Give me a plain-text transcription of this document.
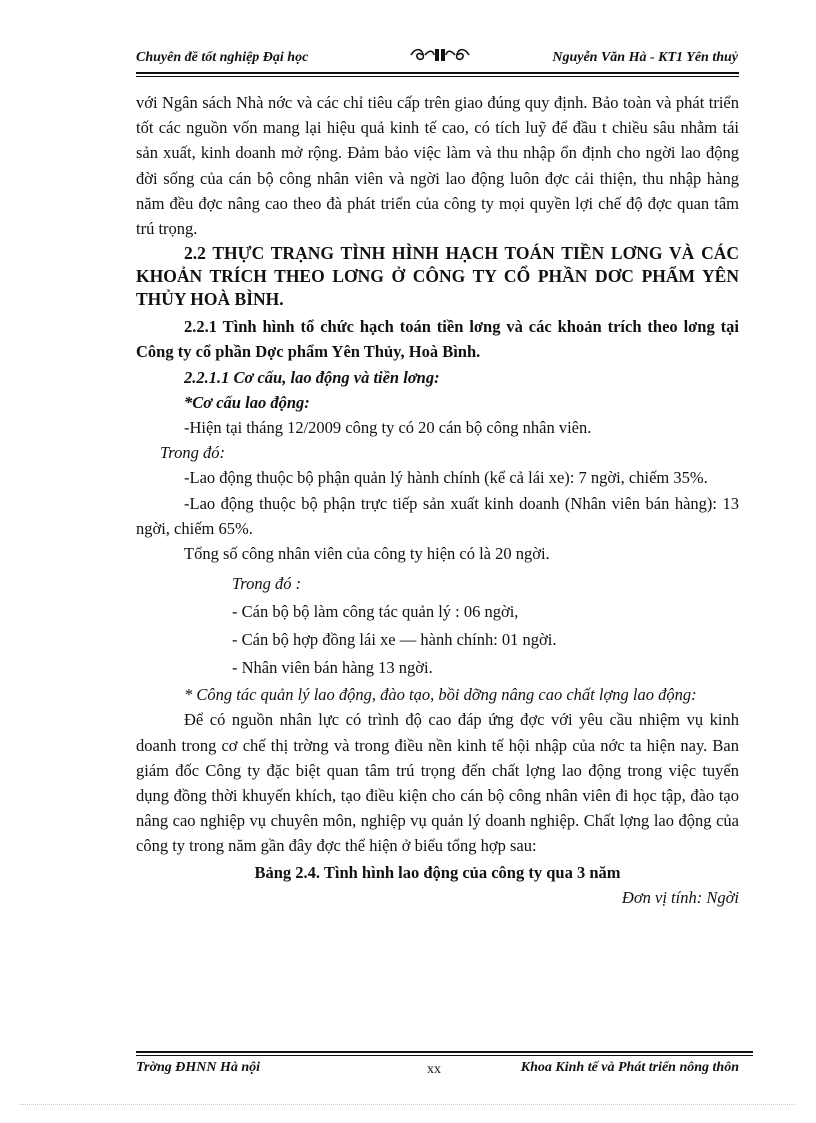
Chuyên đề tốt nghiệp Đại học	Nguyễn Văn Hà - KT1 Yên thuỷ

với Ngân sách Nhà nớc và các chỉ tiêu cấp trên giao đúng quy định. Bảo toàn và phát triển tốt các nguồn vốn mang lại hiệu quả kinh tế cao, có tích luỹ để đầu t chiều sâu nhằm tái sản xuất, kinh doanh mở rộng. Đảm bảo việc làm và thu nhập ổn định cho ngời lao động đời sống của cán bộ công nhân viên và ngời lao động luôn đợc cải thiện, thu nhập hàng năm đều đợc nâng cao theo đà phát triển của công ty mọi quyền lợi chế độ đợc quan tâm trú trọng.

2.2 THỰC TRẠNG TÌNH HÌNH HẠCH TOÁN TIỀN LƠNG VÀ CÁC KHOẢN TRÍCH THEO LƠNG Ở CÔNG TY CỔ PHẦN DƠC PHẨM YÊN THỦY HOÀ BÌNH.

2.2.1 Tình hình tổ chức hạch toán tiền lơng và các khoản trích theo lơng tại Công ty cổ phần Dợc phẩm Yên Thủy, Hoà Bình.

2.2.1.1 Cơ cấu, lao động và tiền lơng:

*Cơ cấu lao động:

-Hiện tại tháng 12/2009 công ty có 20 cán bộ công nhân viên.

Trong đó:

-Lao động thuộc bộ phận quản lý hành chính (kể cả lái xe): 7 ngời, chiếm 35%.

-Lao động thuộc bộ phận trực tiếp sản xuất kinh doanh (Nhân viên bán hàng): 13 ngời, chiếm 65%.

Tổng số công nhân viên của công ty hiện có là 20 ngời.

Trong đó :

- Cán bộ bộ làm công tác quản lý : 06 ngời,

- Cán bộ hợp đồng lái xe — hành chính: 01 ngời.

- Nhân viên bán hàng 13 ngời.

* Công tác quản lý lao động, đào tạo, bồi dỡng nâng cao chất lợng lao động:

Để có nguồn nhân lực có trình độ cao đáp ứng đợc với yêu cầu nhiệm vụ kinh doanh trong cơ chế thị trờng và trong điều nền kinh tế hội nhập của nớc ta hiện nay. Ban giám đốc Công ty đặc biệt quan tâm trú trọng đến chất lợng lao động trong việc tuyển dụng đồng thời khuyến khích, tạo điều kiện cho cán bộ công nhân viên đi học tập, đào tạo nâng cao nghiệp vụ chuyên môn, nghiệp vụ quản lý doanh nghiệp. Chất lợng lao động của công ty trong năm gần đây đợc thể hiện ở biểu tổng hợp sau:

Bảng 2.4. Tình hình lao động của công ty qua 3 năm

Đơn vị tính: Ngời

Trờng ĐHNN Hà nội	xx	Khoa Kinh tế và Phát triển nông thôn
